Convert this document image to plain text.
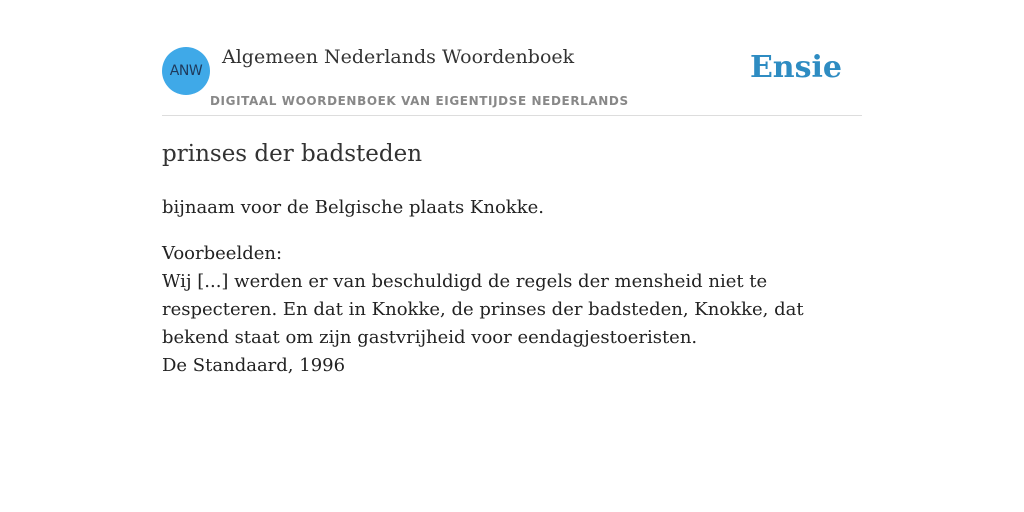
ANW
Algemeen Nederlands Woordenboek
DIGITAAL WOORDENBOEK VAN EIGENTIJDSE NEDERLANDS
Ensie
prinses der badsteden

bijnaam voor de Belgische plaats Knokke.

Voorbeelden:
Wij [...] werden er van beschuldigd de regels der mensheid niet te respecteren. En dat in Knokke, de prinses der badsteden, Knokke, dat bekend staat om zijn gastvrijheid voor eendagjestoeristen.
De Standaard, 1996
